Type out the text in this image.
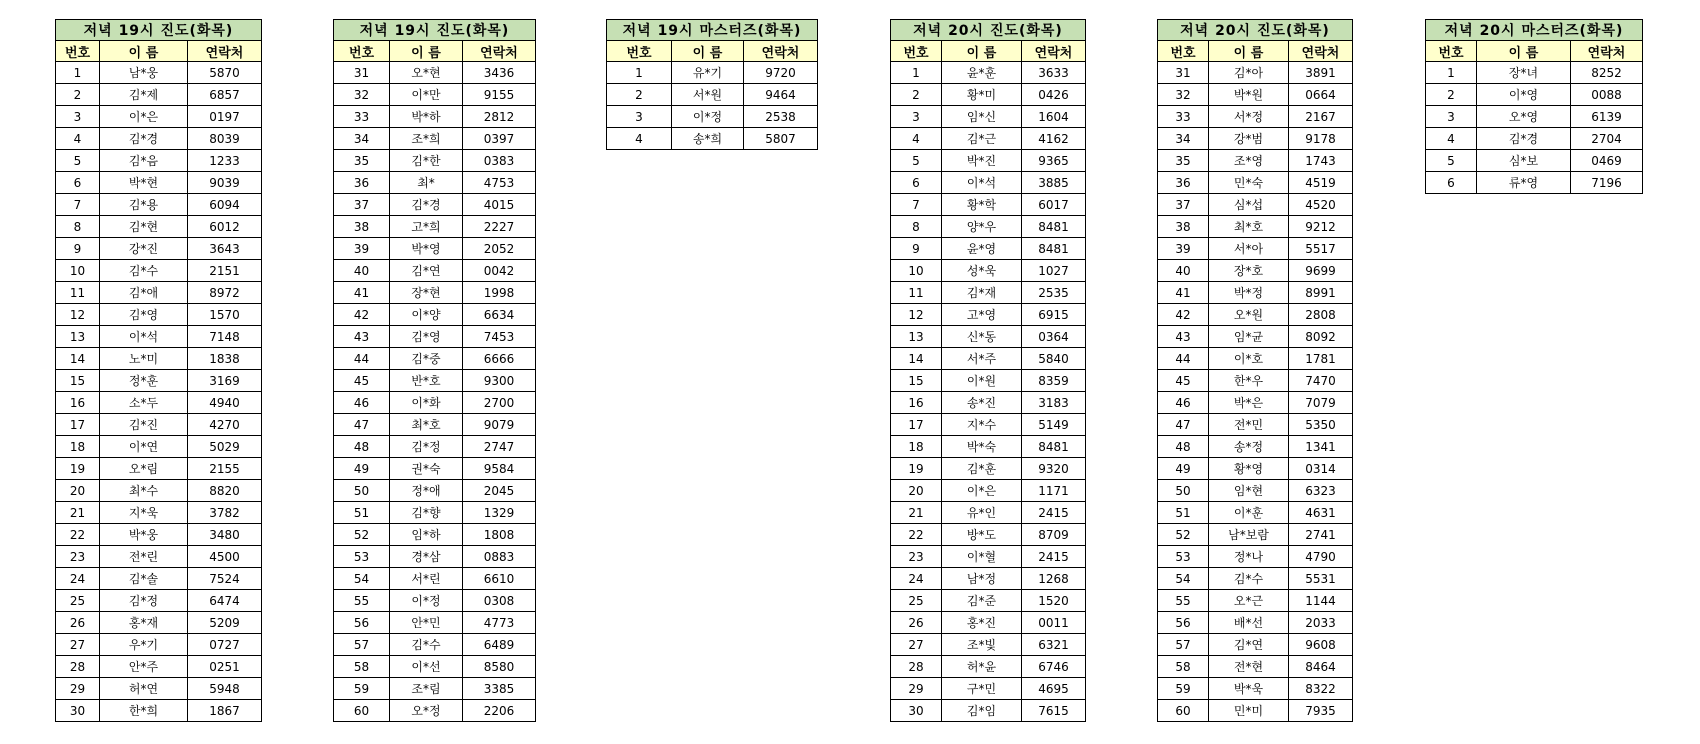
저녁 19시 진도(화목)		
번호	이 름	연락처
1	남*웅	5870
2	김*제	6857
3	이*은	0197
4	김*경	8039
5	김*음	1233
6	박*현	9039
7	김*용	6094
8	김*현	6012
9	강*진	3643
10	김*수	2151
11	김*애	8972
12	김*영	1570
13	이*석	7148
14	노*미	1838
15	정*훈	3169
16	소*두	4940
17	김*진	4270
18	이*연	5029
19	오*림	2155
20	최*수	8820
21	지*욱	3782
22	박*웅	3480
23	전*린	4500
24	김*솔	7524
25	김*정	6474
26	홍*재	5209
27	우*기	0727
28	안*주	0251
29	허*연	5948
30	한*희	1867
저녁 19시 진도(화목)		
번호	이 름	연락처
31	오*현	3436
32	이*만	9155
33	박*하	2812
34	조*희	0397
35	김*한	0383
36	최*	4753
37	김*경	4015
38	고*희	2227
39	박*영	2052
40	김*연	0042
41	장*현	1998
42	이*양	6634
43	김*영	7453
44	김*중	6666
45	반*호	9300
46	이*화	2700
47	최*호	9079
48	김*정	2747
49	권*숙	9584
50	정*애	2045
51	김*향	1329
52	임*하	1808
53	경*삼	0883
54	서*린	6610
55	이*정	0308
56	안*민	4773
57	김*수	6489
58	이*선	8580
59	조*림	3385
60	오*정	2206
저녁 19시 마스터즈(화목)		
번호	이 름	연락처
1	유*기	9720
2	서*원	9464
3	이*정	2538
4	송*희	5807
저녁 20시 진도(화목)		
번호	이 름	연락처
1	윤*훈	3633
2	황*미	0426
3	임*신	1604
4	김*근	4162
5	박*진	9365
6	이*석	3885
7	황*학	6017
8	양*우	8481
9	윤*영	8481
10	성*욱	1027
11	김*재	2535
12	고*영	6915
13	신*동	0364
14	서*주	5840
15	이*원	8359
16	송*진	3183
17	지*수	5149
18	박*숙	8481
19	김*훈	9320
20	이*은	1171
21	유*인	2415
22	방*도	8709
23	이*혈	2415
24	남*정	1268
25	김*준	1520
26	홍*진	0011
27	조*빛	6321
28	허*윤	6746
29	구*민	4695
30	김*임	7615
저녁 20시 진도(화목)		
번호	이 름	연락처
31	김*아	3891
32	박*원	0664
33	서*정	2167
34	강*범	9178
35	조*영	1743
36	민*숙	4519
37	심*섭	4520
38	최*호	9212
39	서*아	5517
40	장*호	9699
41	박*정	8991
42	오*원	2808
43	임*균	8092
44	이*호	1781
45	한*우	7470
46	박*은	7079
47	전*민	5350
48	송*정	1341
49	황*영	0314
50	임*현	6323
51	이*훈	4631
52	남*보람	2741
53	정*나	4790
54	김*수	5531
55	오*근	1144
56	배*선	2033
57	김*연	9608
58	전*현	8464
59	박*욱	8322
60	민*미	7935
저녁 20시 마스터즈(화목)		
번호	이 름	연락처
1	장*녀	8252
2	이*영	0088
3	오*영	6139
4	김*경	2704
5	심*보	0469
6	류*영	7196
